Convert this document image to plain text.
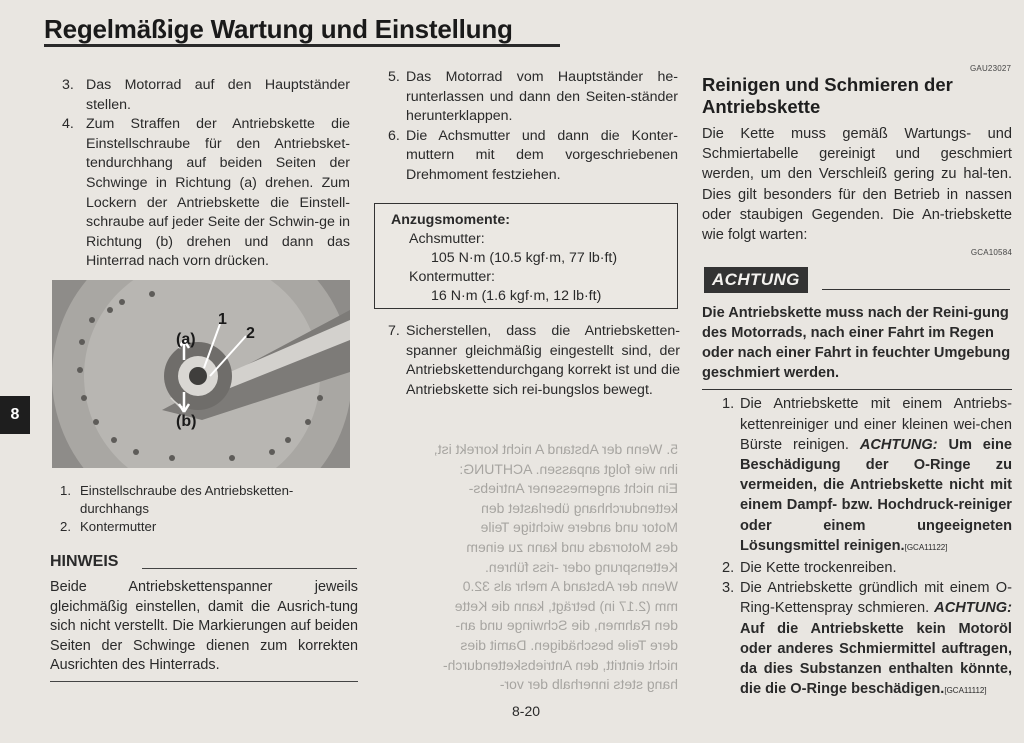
Regelmäßige Wartung und Einstellung
8
3. Das Motorrad auf den Hauptständer stellen.
4. Zum Straffen der Antriebskette die Einstellschraube für den Antriebsket-tendurchhang auf beiden Seiten der Schwinge in Richtung (a) drehen. Zum Lockern der Antriebskette die Einstell-schraube auf jeder Seite der Schwin-ge in Richtung (b) drehen und dann das Hinterrad nach vorn drücken.
(a)
(b)
1
2
1. Einstellschraube des Antriebsketten-durchhangs
2. Kontermutter
HINWEIS
Beide Antriebskettenspanner jeweils gleichmäßig einstellen, damit die Ausrich-tung sich nicht verstellt. Die Markierungen auf beiden Seiten der Schwinge dienen zum korrekten Ausrichten des Hinterrads.
5. Das Motorrad vom Hauptständer he-runterlassen und dann den Seiten-ständer herunterklappen.
6. Die Achsmutter und dann die Konter-muttern mit dem vorgeschriebenen Drehmoment festziehen.
Anzugsmomente:
Achsmutter:
105 N·m (10.5 kgf·m, 77 lb·ft)
Kontermutter:
16 N·m (1.6 kgf·m, 12 lb·ft)
7. Sicherstellen, dass die Antriebsketten-spanner gleichmäßig eingestellt sind, der Antriebskettendurchgang korrekt ist und die Antriebskette sich rei-bungslos bewegt.
5. Wenn der Abstand A nicht korrekt ist,
ihn wie folgt anpassen. ACHTUNG:
Ein nicht angemessener Antriebs-
kettendurchhang überlastet den
Motor und andere wichtige Teile
des Motorrads und kann zu einem
Kettensprung oder -riss führen.
Wenn der Abstand A mehr als 32.0
mm (2.17 in) beträgt, kann die Kette
den Rahmen, die Schwinge und an-
dere Teile beschädigen. Damit dies
nicht eintritt, den Antriebskettendurch-
hang stets innerhalb der vor-
GAU23027
Reinigen und Schmieren der Antriebskette
Die Kette muss gemäß Wartungs- und Schmiertabelle gereinigt und geschmiert werden, um den Verschleiß gering zu hal-ten. Dies gilt besonders für den Betrieb in nassen oder staubigen Gegenden. Die An-triebskette wie folgt warten:
GCA10584
ACHTUNG
Die Antriebskette muss nach der Reini-gung des Motorrads, nach einer Fahrt im Regen oder nach einer Fahrt in feuchter Umgebung geschmiert werden.
1. Die Antriebskette mit einem Antriebs-kettenreiniger und einer kleinen wei-chen Bürste reinigen. ACHTUNG: Um eine Beschädigung der O-Ringe zu vermeiden, die Antriebskette nicht mit einem Dampf- bzw. Hochdruck-reiniger oder einem ungeeigneten Lösungsmittel reinigen.[GCA11122]
2. Die Kette trockenreiben.
3. Die Antriebskette gründlich mit einem O-Ring-Kettenspray schmieren. ACHTUNG: Auf die Antriebskette kein Motoröl oder anderes Schmiermittel auftragen, da dies Substanzen enthalten könnte, die die O-Ringe beschädigen.[GCA11112]
8-20
